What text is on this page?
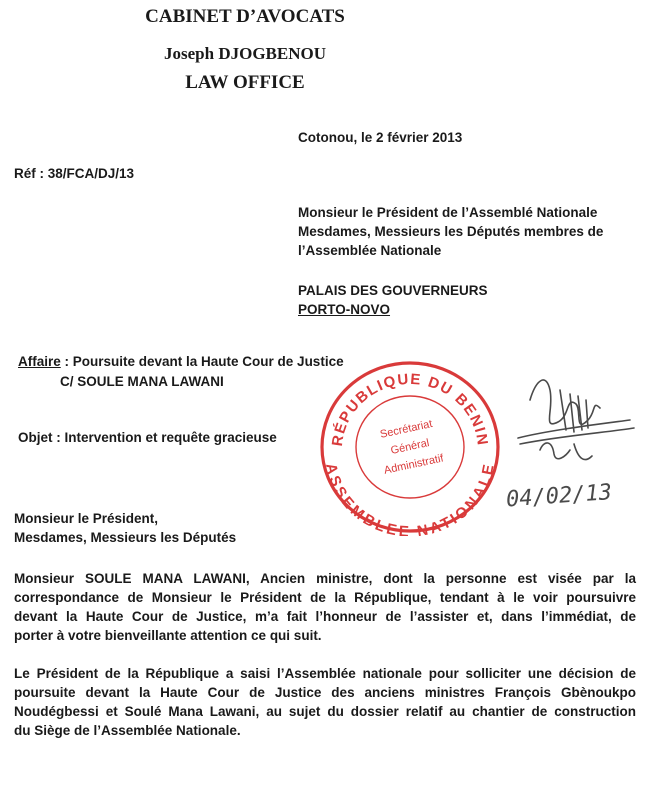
CABINET D’AVOCATS
Joseph DJOGBENOU
LAW OFFICE
Cotonou, le 2 février 2013
Réf : 38/FCA/DJ/13
Monsieur le Président de l’Assemblé Nationale
Mesdames, Messieurs les Députés membres de
l’Assemblée Nationale
PALAIS DES GOUVERNEURS
PORTO-NOVO
Affaire : Poursuite devant la Haute Cour de Justice
C/ SOULE MANA LAWANI
Objet : Intervention et requête gracieuse
Monsieur le Président,
Mesdames, Messieurs les Députés
Monsieur SOULE MANA LAWANI, Ancien ministre, dont la personne est visée par la
correspondance de Monsieur le Président de la République, tendant à le voir poursuivre
devant la Haute Cour de Justice, m’a fait l’honneur de l’assister et, dans l’immédiat, de
porter à votre bienveillante attention ce qui suit.
Le Président de la République a saisi l’Assemblée nationale pour solliciter une décision de
poursuite devant la Haute Cour de Justice des anciens ministres François Gbènoukpo
Noudégbessi et Soulé Mana Lawani, au sujet du dossier relatif au chantier de construction
du Siège de l’Assemblée Nationale.
RÉPUBLIQUE DU BENIN
ASSEMBLEE NATIONALE
Secrétariat
Général
Administratif
04/02/13
